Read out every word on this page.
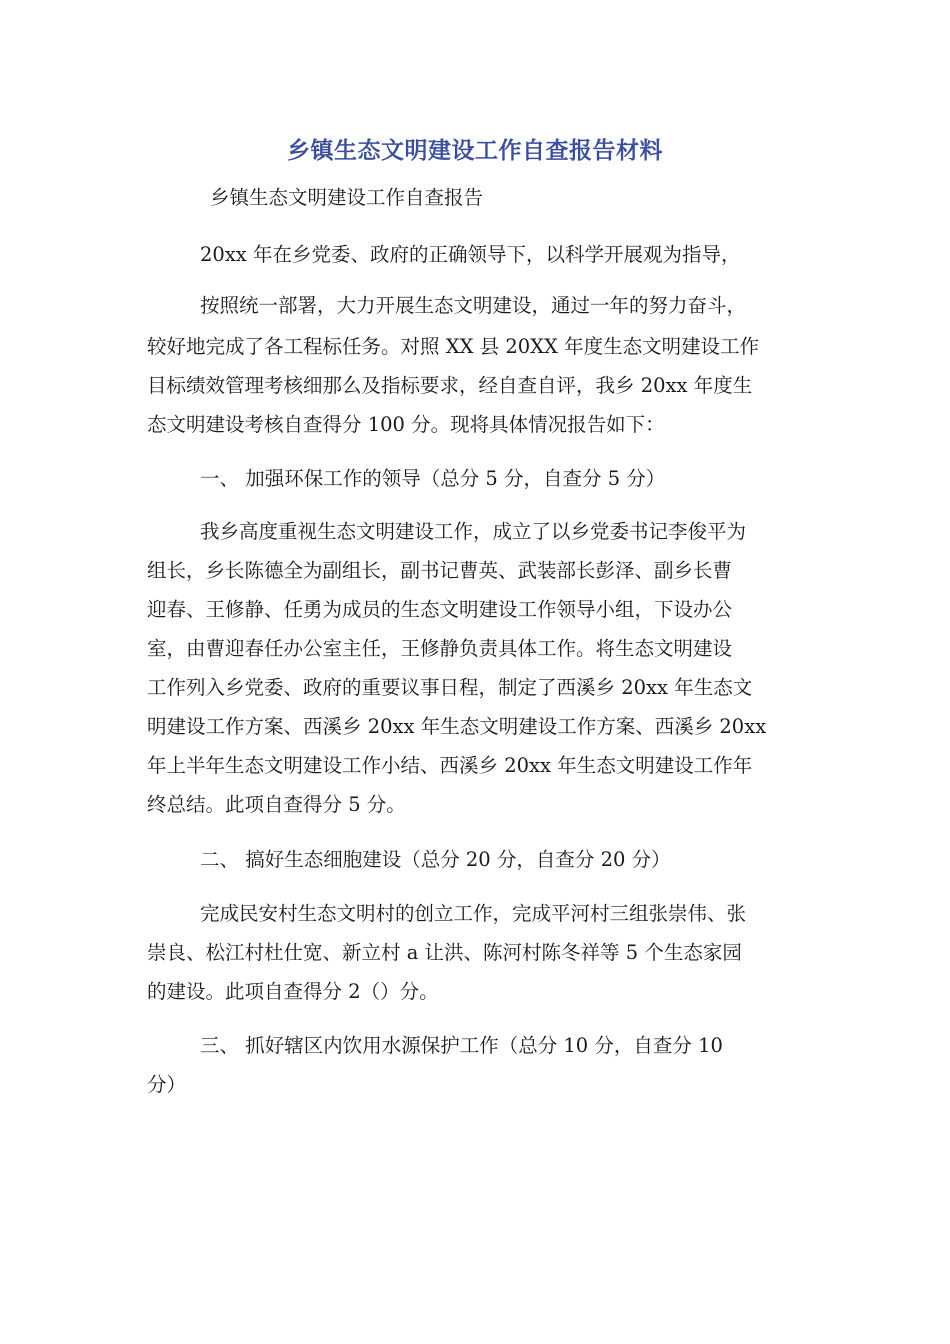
乡镇生态文明建设工作自查报告材料

乡镇生态文明建设工作自查报告

20xx 年在乡党委、政府的正确领导下，以科学开展观为指导，

按照统一部署，大力开展生态文明建设，通过一年的努力奋斗，

较好地完成了各工程标任务。对照 XX 县 20XX 年度生态文明建设工作

目标绩效管理考核细那么及指标要求，经自查自评，我乡 20xx 年度生

态文明建设考核自查得分 100 分。现将具体情况报告如下：

一、 加强环保工作的领导（总分 5 分，自查分 5 分）

我乡高度重视生态文明建设工作，成立了以乡党委书记李俊平为

组长，乡长陈德全为副组长，副书记曹英、武装部长彭泽、副乡长曹

迎春、王修静、任勇为成员的生态文明建设工作领导小组，下设办公

室，由曹迎春任办公室主任，王修静负责具体工作。将生态文明建设

工作列入乡党委、政府的重要议事日程，制定了西溪乡 20xx 年生态文

明建设工作方案、西溪乡 20xx 年生态文明建设工作方案、西溪乡 20xx

年上半年生态文明建设工作小结、西溪乡 20xx 年生态文明建设工作年

终总结。此项自查得分 5 分。

二、 搞好生态细胞建设（总分 20 分，自查分 20 分）

完成民安村生态文明村的创立工作，完成平河村三组张崇伟、张

崇良、松江村杜仕宽、新立村 a 让洪、陈河村陈冬祥等 5 个生态家园

的建设。此项自查得分 2（）分。

三、 抓好辖区内饮用水源保护工作（总分 10 分，自查分 10

分）
